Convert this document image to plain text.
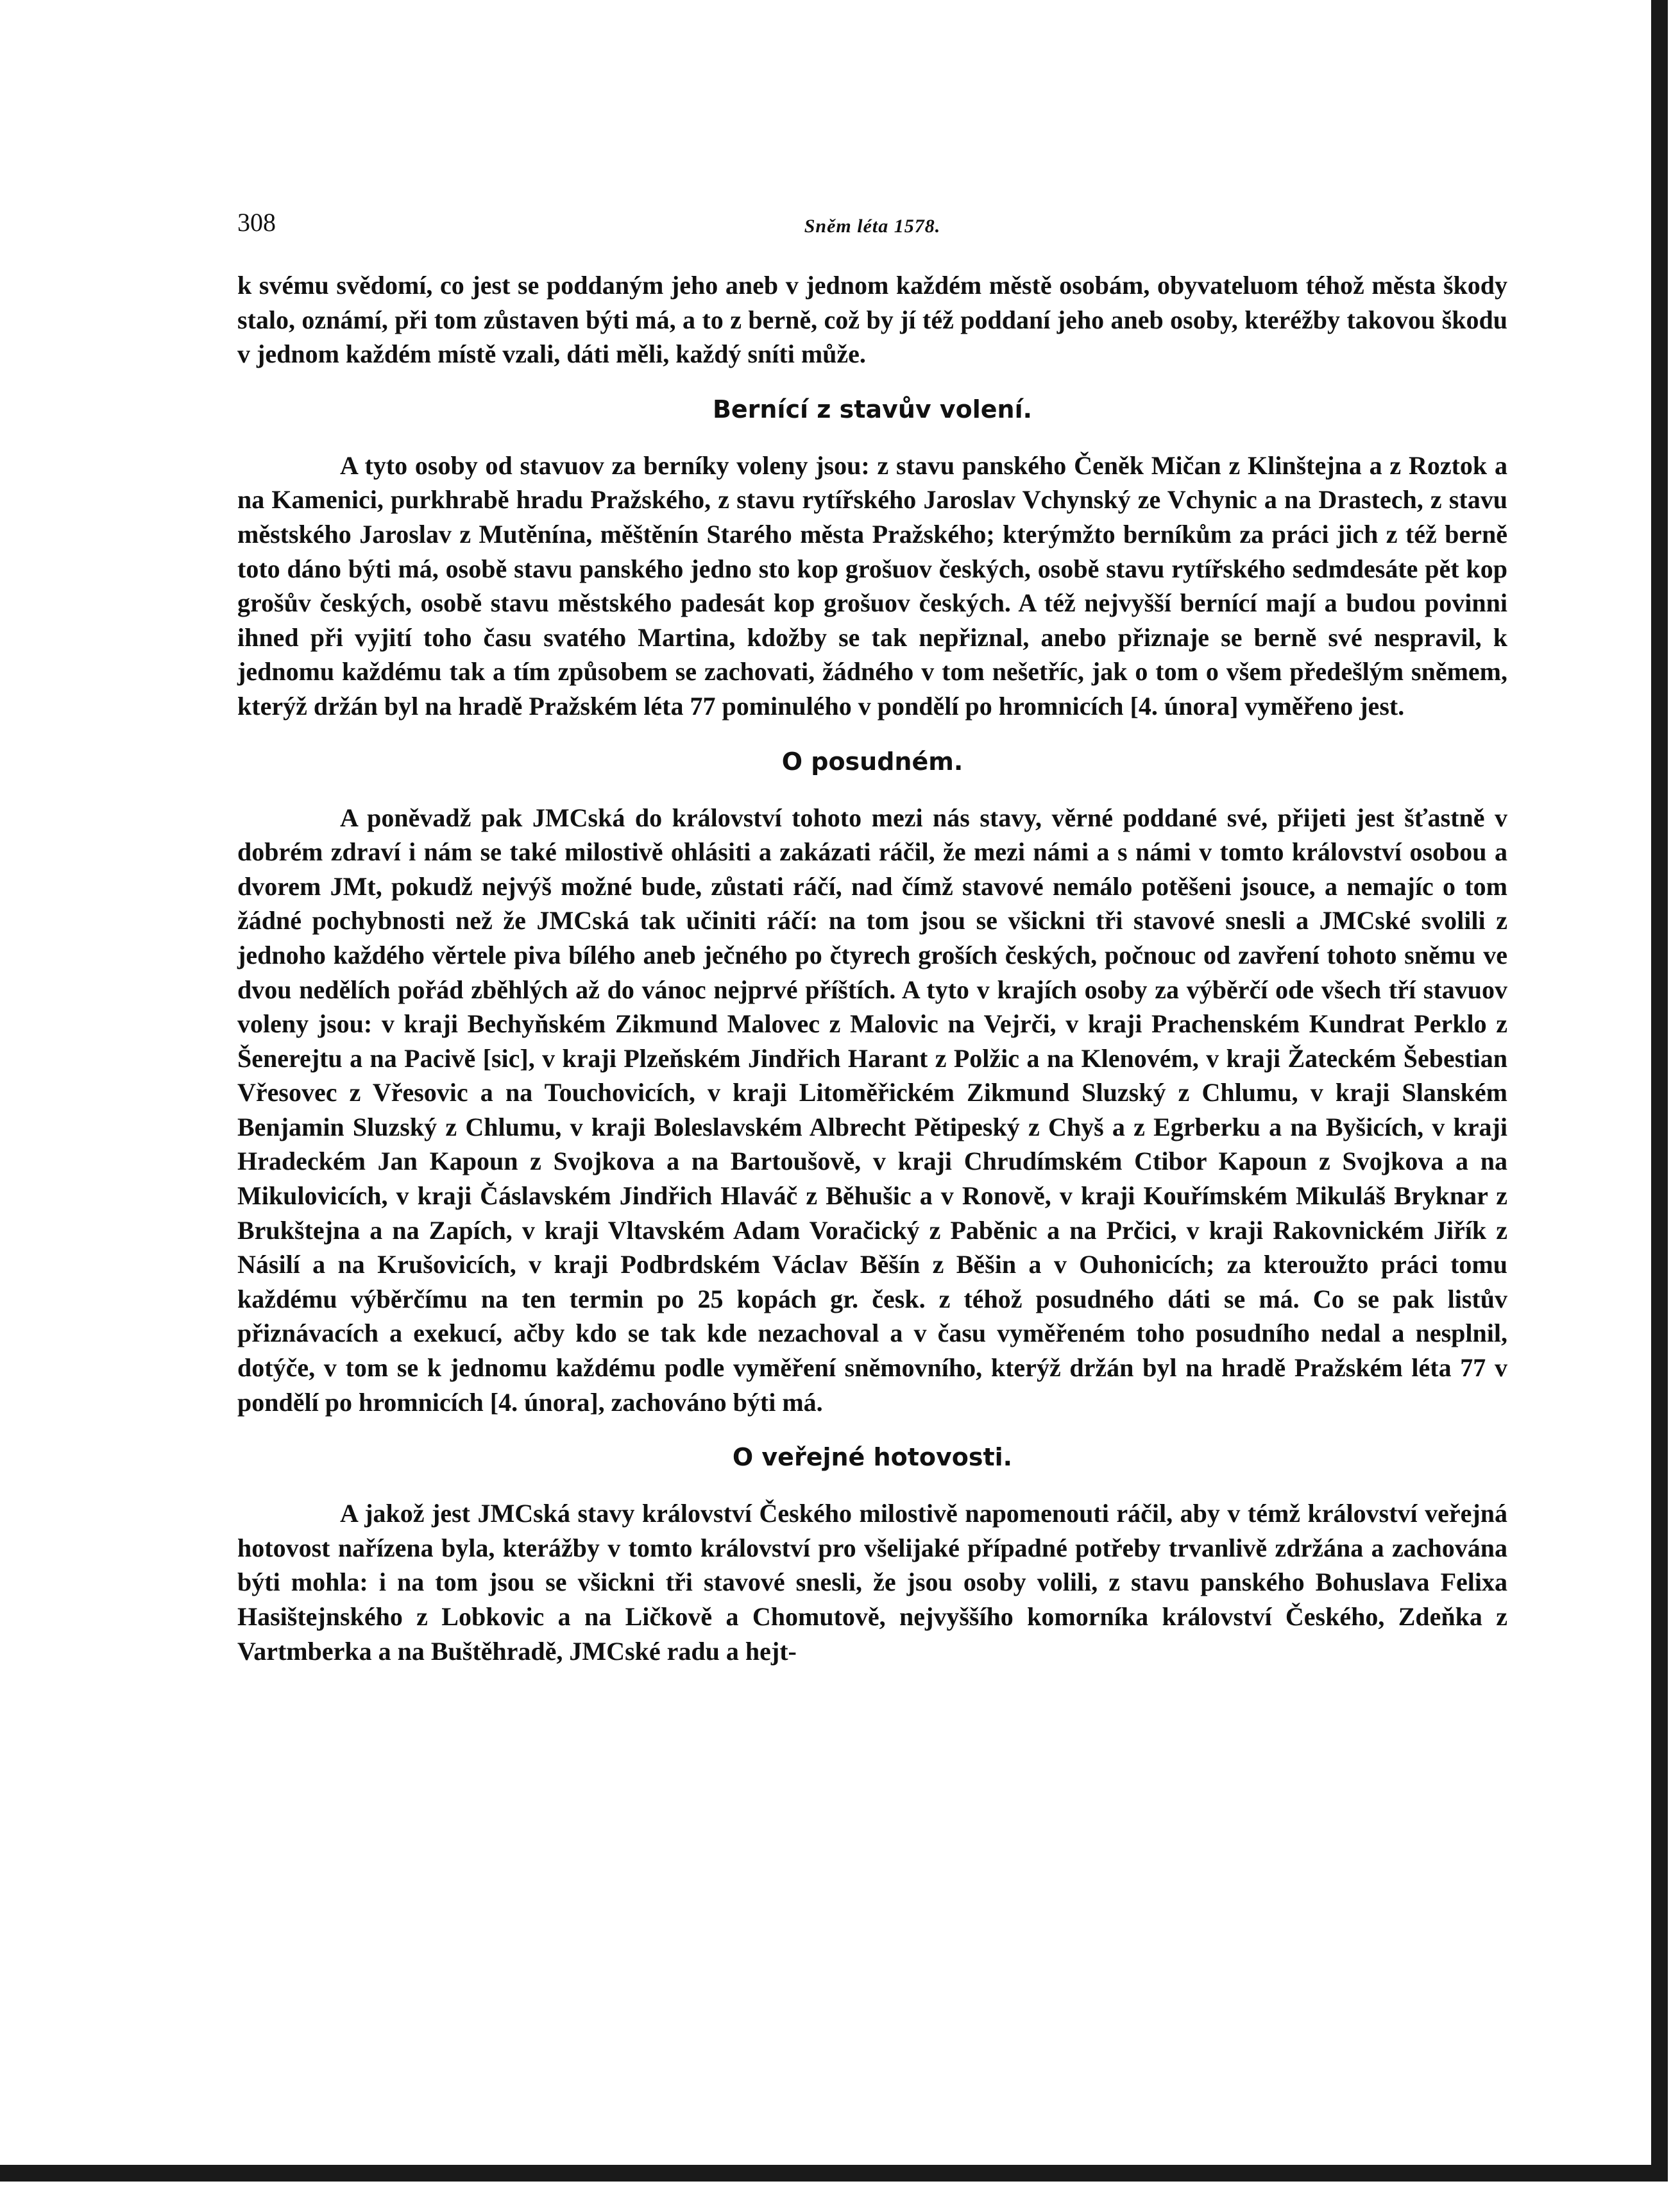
308	Sněm léta 1578.

k svému svědomí, co jest se poddaným jeho aneb v jednom každém městě osobám, obyvateluom téhož města škody stalo, oznámí, při tom zůstaven býti má, a to z berně, což by jí též poddaní jeho aneb osoby, kteréžby takovou škodu v jednom každém místě vzali, dáti měli, každý sníti může.

Bernící z stavův volení.

A tyto osoby od stavuov za berníky voleny jsou: z stavu panského Čeněk Mičan z Klinštejna a z Roztok a na Kamenici, purkhrabě hradu Pražského, z stavu rytířského Jaroslav Vchynský ze Vchynic a na Drastech, z stavu městského Jaroslav z Mutěnína, měštěnín Starého města Pražského; kterýmžto berníkům za práci jich z též berně toto dáno býti má, osobě stavu panského jedno sto kop grošuov českých, osobě stavu rytířského sedmdesáte pět kop grošův českých, osobě stavu městského padesát kop grošuov českých. A též nejvyšší bernící mají a budou povinni ihned při vyjití toho času svatého Martina, kdožby se tak nepřiznal, anebo přiznaje se berně své nespravil, k jednomu každému tak a tím způsobem se zachovati, žádného v tom nešetříc, jak o tom o všem předešlým sněmem, kterýž držán byl na hradě Pražském léta 77 pominulého v pondělí po hromnicích [4. února] vyměřeno jest.

O posudném.

A poněvadž pak JMCská do království tohoto mezi nás stavy, věrné poddané své, přijeti jest šťastně v dobrém zdraví i nám se také milostivě ohlásiti a zakázati ráčil, že mezi námi a s námi v tomto království osobou a dvorem JMt, pokudž nejvýš možné bude, zůstati ráčí, nad čímž stavové nemálo potěšeni jsouce, a nemajíc o tom žádné pochybnosti než že JMCská tak učiniti ráčí: na tom jsou se všickni tři stavové snesli a JMCské svolili z jednoho každého věrtele piva bílého aneb ječného po čtyrech groších českých, počnouc od zavření tohoto sněmu ve dvou nedělích pořád zběhlých až do vánoc nejprvé příštích. A tyto v krajích osoby za výběrčí ode všech tří stavuov voleny jsou: v kraji Bechyňském Zikmund Malovec z Malovic na Vejrči, v kraji Prachenském Kundrat Perklo z Šenerejtu a na Pacivě [sic], v kraji Plzeňském Jindřich Harant z Polžic a na Klenovém, v kraji Žateckém Šebestian Vřesovec z Vřesovic a na Touchovicích, v kraji Litoměřickém Zikmund Sluzský z Chlumu, v kraji Slanském Benjamin Sluzský z Chlumu, v kraji Boleslavském Albrecht Pětipeský z Chyš a z Egrberku a na Byšicích, v kraji Hradeckém Jan Kapoun z Svojkova a na Bartoušově, v kraji Chrudímském Ctibor Kapoun z Svojkova a na Mikulovicích, v kraji Čáslavském Jindřich Hlaváč z Běhušic a v Ronově, v kraji Kouřímském Mikuláš Bryknar z Brukštejna a na Zapích, v kraji Vltavském Adam Voračický z Paběnic a na Prčici, v kraji Rakovnickém Jiřík z Násilí a na Krušovicích, v kraji Podbrdském Václav Běšín z Běšin a v Ouhonicích; za kteroužto práci tomu každému výběrčímu na ten termin po 25 kopách gr. česk. z téhož posudného dáti se má. Co se pak listův přiznávacích a exekucí, ačby kdo se tak kde nezachoval a v času vyměřeném toho posudního nedal a nesplnil, dotýče, v tom se k jednomu každému podle vyměření sněmovního, kterýž držán byl na hradě Pražském léta 77 v pondělí po hromnicích [4. února], zachováno býti má.

O veřejné hotovosti.

A jakož jest JMCská stavy království Českého milostivě napomenouti ráčil, aby v témž království veřejná hotovost nařízena byla, kterážby v tomto království pro všelijaké případné potřeby trvanlivě zdržána a zachována býti mohla: i na tom jsou se všickni tři stavové snesli, že jsou osoby volili, z stavu panského Bohuslava Felixa Hasištejnského z Lobkovic a na Ličkově a Chomutově, nejvyššího komorníka království Českého, Zdeňka z Vartmberka a na Buštěhradě, JMCské radu a hejt-
